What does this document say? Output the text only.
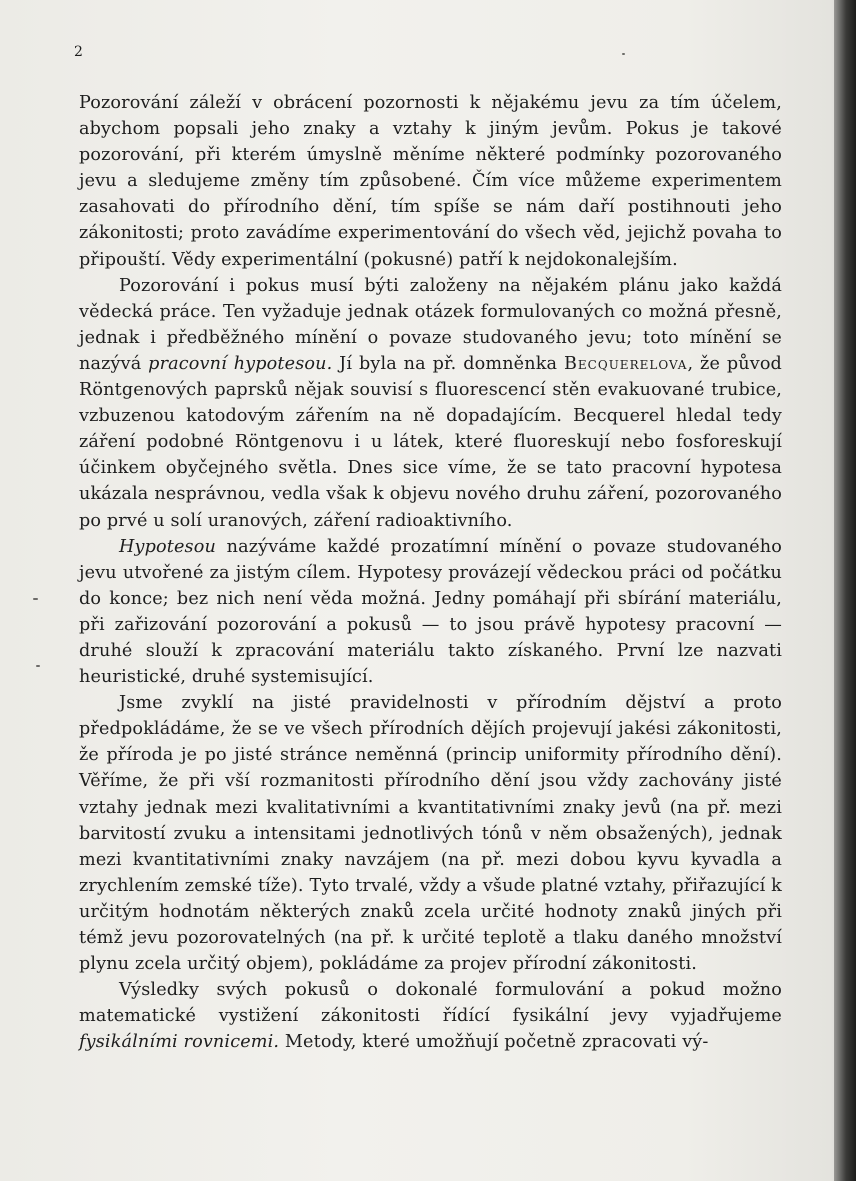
2

Pozorování záleží v obrácení pozornosti k nějakému jevu za tím účelem, abychom popsali jeho znaky a vztahy k jiným jevům. Pokus je takové pozorování, při kterém úmyslně měníme některé podmínky pozorovaného jevu a sledujeme změny tím způsobené. Čím více můžeme experimentem zasahovati do přírodního dění, tím spíše se nám daří postihnouti jeho zákonitosti; proto zavádíme experimentování do všech věd, jejichž povaha to připouští. Vědy experimentální (pokusné) patří k nejdokonalejším.

Pozorování i pokus musí býti založeny na nějakém plánu jako každá vědecká práce. Ten vyžaduje jednak otázek formulovaných co možná přesně, jednak i předběžného mínění o povaze studovaného jevu; toto mínění se nazývá pracovní hypotesou. Jí byla na př. domněnka Becquerelova, že původ Röntgenových paprsků nějak souvisí s fluorescencí stěn evakuované trubice, vzbuzenou katodovým zářením na ně dopadajícím. Becquerel hledal tedy záření podobné Röntgenovu i u látek, které fluoreskují nebo fosforeskují účinkem obyčejného světla. Dnes sice víme, že se tato pracovní hypotesa ukázala nesprávnou, vedla však k objevu nového druhu záření, pozorovaného po prvé u solí uranových, záření radioaktivního.

Hypotesou nazýváme každé prozatímní mínění o povaze studovaného jevu utvořené za jistým cílem. Hypotesy provázejí vědeckou práci od počátku do konce; bez nich není věda možná. Jedny pomáhají při sbírání materiálu, při zařizování pozorování a pokusů — to jsou právě hypotesy pracovní — druhé slouží k zpracování materiálu takto získaného. První lze nazvati heuristické, druhé systemisující.

Jsme zvyklí na jisté pravidelnosti v přírodním dějství a proto předpokládáme, že se ve všech přírodních dějích projevují jakési zákonitosti, že příroda je po jisté stránce neměnná (princip uniformity přírodního dění). Věříme, že při vší rozmanitosti přírodního dění jsou vždy zachovány jisté vztahy jednak mezi kvalitativními a kvantitativními znaky jevů (na př. mezi barvitostí zvuku a intensitami jednotlivých tónů v něm obsažených), jednak mezi kvantitativními znaky navzájem (na př. mezi dobou kyvu kyvadla a zrychlením zemské tíže). Tyto trvalé, vždy a všude platné vztahy, přiřazující k určitým hodnotám některých znaků zcela určité hodnoty znaků jiných při témž jevu pozorovatelných (na př. k určité teplotě a tlaku daného množství plynu zcela určitý objem), pokládáme za projev přírodní zákonitosti.

Výsledky svých pokusů o dokonalé formulování a pokud možno matematické vystižení zákonitosti řídící fysikální jevy vyjadřujeme fysikálními rovnicemi. Metody, které umožňují početně zpracovati vý-
